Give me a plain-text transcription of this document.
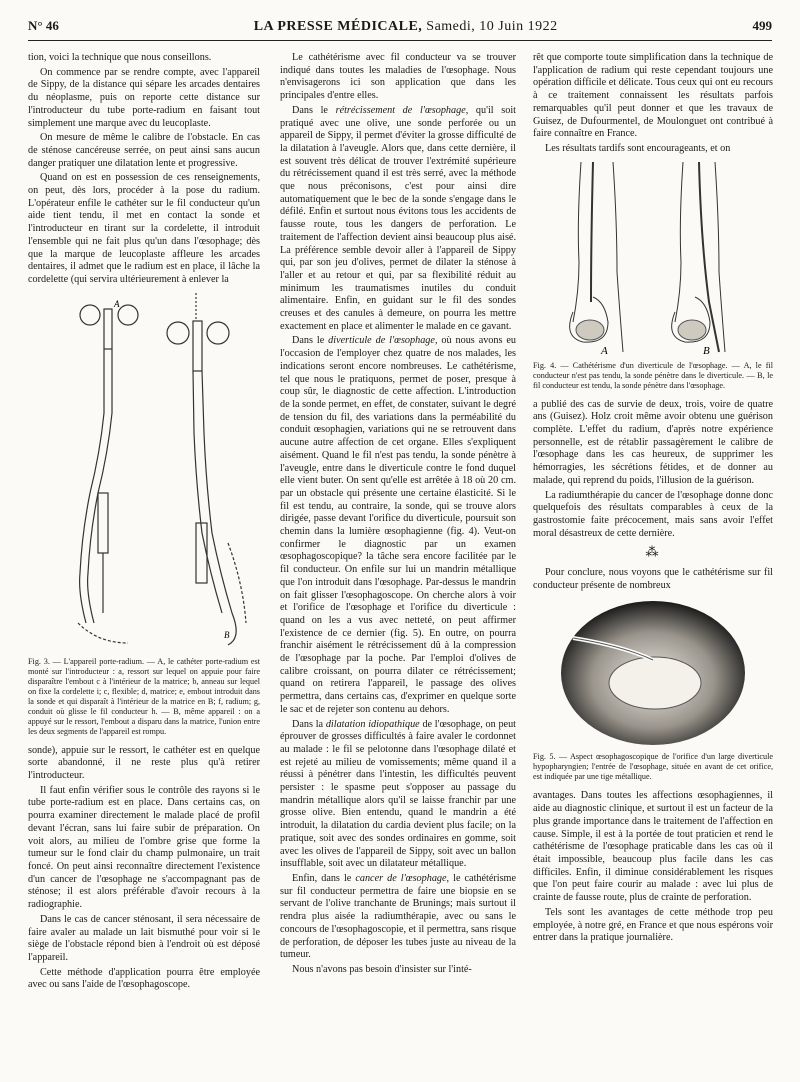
N° 46	LA PRESSE MÉDICALE, Samedi, 10 Juin 1922	499

tion, voici la technique que nous conseillons.

On commence par se rendre compte, avec l'appareil de Sippy, de la distance qui sépare les arcades dentaires du néoplasme, puis on reporte cette distance sur l'introducteur du tube porte-radium en faisant tout simplement une marque avec du leucoplaste.

On mesure de même le calibre de l'obstacle. En cas de sténose cancéreuse serrée, on peut ainsi sans aucun danger pratiquer une dilatation lente et progressive.

Quand on est en possession de ces renseignements, on peut, dès lors, procéder à la pose du radium. L'opérateur enfile le cathéter sur le fil conducteur qu'un aide tient tendu, il met en contact la sonde et l'introducteur en tirant sur la cordelette, il introduit l'ensemble qui ne fait plus qu'un dans l'œsophage; dès que la marque de leucoplaste affleure les arcades dentaires, il admet que le radium est en place, il lâche la cordelette (qui servira ultérieurement à enlever la

A
B
Fig. 3. — L'appareil porte-radium. — A, le cathéter porte-radium est monté sur l'introducteur : a, ressort sur lequel on appuie pour faire disparaître l'embout c à l'intérieur de la matrice; b, anneau sur lequel on fixe la cordelette i; c, flexible; d, matrice; e, embout introduit dans la sonde et qui disparaît à l'intérieur de la matrice en B; f, radium; g, conduit où glisse le fil conducteur h. — B, même appareil : on a appuyé sur le ressort, l'embout a disparu dans la matrice, l'union entre les deux segments de l'appareil est rompu.

sonde), appuie sur le ressort, le cathéter est en quelque sorte abandonné, il ne reste plus qu'à retirer l'introducteur.

Il faut enfin vérifier sous le contrôle des rayons si le tube porte-radium est en place. Dans certains cas, on pourra examiner directement le malade placé de profil devant l'écran, sans lui faire subir de préparation. On voit alors, au milieu de l'ombre grise que forme la tumeur sur le fond clair du champ pulmonaire, un trait foncé. On peut ainsi reconnaître directement l'existence d'un cancer de l'œsophage ne s'accompagnant pas de sténose; il est alors préférable d'avoir recours à la radiographie.

Dans le cas de cancer sténosant, il sera nécessaire de faire avaler au malade un lait bismuthé pour voir si le siège de l'obstacle répond bien à l'endroit où est déposé l'appareil.

Cette méthode d'application pourra être employée avec ou sans l'aide de l'œsophagoscope.

Le cathétérisme avec fil conducteur va se trouver indiqué dans toutes les maladies de l'œsophage. Nous n'envisagerons ici son application que dans les principales d'entre elles.

Dans le rétrécissement de l'œsophage, qu'il soit pratiqué avec une olive, une sonde perforée ou un appareil de Sippy, il permet d'éviter la grosse difficulté de la dilatation à l'aveugle. Alors que, dans cette dernière, il est souvent très délicat de trouver l'extrémité supérieure du rétrécissement quand il est très serré, avec la méthode que nous préconisons, c'est pour ainsi dire automatiquement que le bec de la sonde s'engage dans le défilé. Enfin et surtout nous évitons tous les accidents de fausse route, tous les dangers de perforation. Le traitement de l'affection devient ainsi beaucoup plus aisé. La préférence semble devoir aller à l'appareil de Sippy qui, par son jeu d'olives, permet de dilater la sténose à l'aller et au retour et qui, par sa flexibilité réduit au minimum les traumatismes inutiles du conduit alimentaire. Enfin, en guidant sur le fil des sondes creuses et des canules à demeure, on pourra les mettre exactement en place et alimenter le malade en ce gavant.

Dans le diverticule de l'œsophage, où nous avons eu l'occasion de l'employer chez quatre de nos malades, les indications seront encore nombreuses. Le cathétérisme, tel que nous le pratiquons, permet de poser, presque à coup sûr, le diagnostic de cette affection. L'introduction de la sonde permet, en effet, de constater, suivant le degré de tension du fil, des variations dans la perméabilité du conduit œsophagien, variations qui ne se retrouvent dans aucune autre affection de cet organe. Elles s'expliquent aisément. Quand le fil n'est pas tendu, la sonde pénètre à l'aveugle, entre dans le diverticule contre le fond duquel elle vient buter. On sent qu'elle est arrêtée à 18 où 20 cm. par un obstacle qui présente une certaine élasticité. Si le fil est tendu, au contraire, la sonde, qui se trouve alors dirigée, passe devant l'orifice du diverticule, poursuit son chemin dans la lumière œsophagienne (fig. 4). Veut-on confirmer le diagnostic par un examen œsophagoscopique? la tâche sera encore facilitée par le fil conducteur. On enfile sur lui un mandrin métallique que l'on introduit dans l'œsophage. Par-dessus le mandrin on fait glisser l'œsophagoscope. On cherche alors à voir et l'orifice de l'œsophage et l'orifice du diverticule : quand on les a vus avec netteté, on peut affirmer l'existence de ce dernier (fig. 5). En outre, on pourra franchir aisément le rétrécissement dû à la compression de l'œsophage par la poche. Par l'emploi d'olives de calibre croissant, on pourra dilater ce rétrécissement; quand on retirera l'appareil, le passage des olives permettra, dans certains cas, d'exprimer en quelque sorte le sac et de rejeter son contenu au dehors.

Dans la dilatation idiopathique de l'œsophage, on peut éprouver de grosses difficultés à faire avaler le cordonnet au malade : le fil se pelotonne dans l'œsophage dilaté et est rejeté au milieu de vomissements; même quand il a réussi à pénétrer dans l'intestin, les difficultés peuvent persister : le spasme peut s'opposer au passage du mandrin métallique alors qu'il se laisse franchir par une grosse olive. Bien entendu, quand le mandrin a été introduit, la dilatation du cardia devient plus facile; on la pratique, soit avec des sondes ordinaires en gomme, soit avec les olives de l'appareil de Sippy, soit avec un ballon insufflable, soit avec un dilatateur métallique.

Enfin, dans le cancer de l'œsophage, le cathétérisme sur fil conducteur permettra de faire une biopsie en se servant de l'olive tranchante de Brunings; mais surtout il rendra plus aisée la radiumthérapie, avec ou sans le concours de l'œsophagoscopie, et il permettra, sans risque de perforation, de déposer les tubes juste au niveau de la tumeur.

Nous n'avons pas besoin d'insister sur l'inté-

rêt que comporte toute simplification dans la technique de l'application de radium qui reste cependant toujours une opération difficile et délicate. Tous ceux qui ont eu recours à ce traitement connaissent les résultats parfois remarquables qu'il peut donner et que les travaux de Guisez, de Dufourmentel, de Moulonguet ont contribué à faire connaître en France.

Les résultats tardifs sont encourageants, et on

A	B
Fig. 4. — Cathétérisme d'un diverticule de l'œsophage. — A, le fil conducteur n'est pas tendu, la sonde pénètre dans le diverticule. — B, le fil conducteur est tendu, la sonde pénètre dans l'œsophage.

a publié des cas de survie de deux, trois, voire de quatre ans (Guisez). Holz croit même avoir obtenu une guérison complète. L'effet du radium, d'après notre expérience personnelle, est de rétablir passagèrement le calibre de l'œsophage dans les cas heureux, de supprimer les hémorragies, les sécrétions fétides, et de donner au malade, qui reprend du poids, l'illusion de la guérison.

La radiumthérapie du cancer de l'œsophage donne donc quelquefois des résultats comparables à ceux de la gastrostomie faite précocement, mais sans avoir l'effet moral désastreux de cette dernière.

⁂

Pour conclure, nous voyons que le cathétérisme sur fil conducteur présente de nombreux

Fig. 5. — Aspect œsophagoscopique de l'orifice d'un large diverticule hypopharyngien; l'entrée de l'œsophage, située en avant de cet orifice, est indiquée par une tige métallique.

avantages. Dans toutes les affections œsophagiennes, il aide au diagnostic clinique, et surtout il est un facteur de la plus grande importance dans le traitement de l'affection en cause. Simple, il est à la portée de tout praticien et rend le cathétérisme de l'œsophage praticable dans les cas où il était impossible, beaucoup plus facile dans les cas difficiles. Enfin, il diminue considérablement les risques que l'on peut faire courir au malade : avec lui plus de crainte de fausse route, plus de crainte de perforation.

Tels sont les avantages de cette méthode trop peu employée, à notre gré, en France et que nous espérons voir entrer dans la pratique journalière.
